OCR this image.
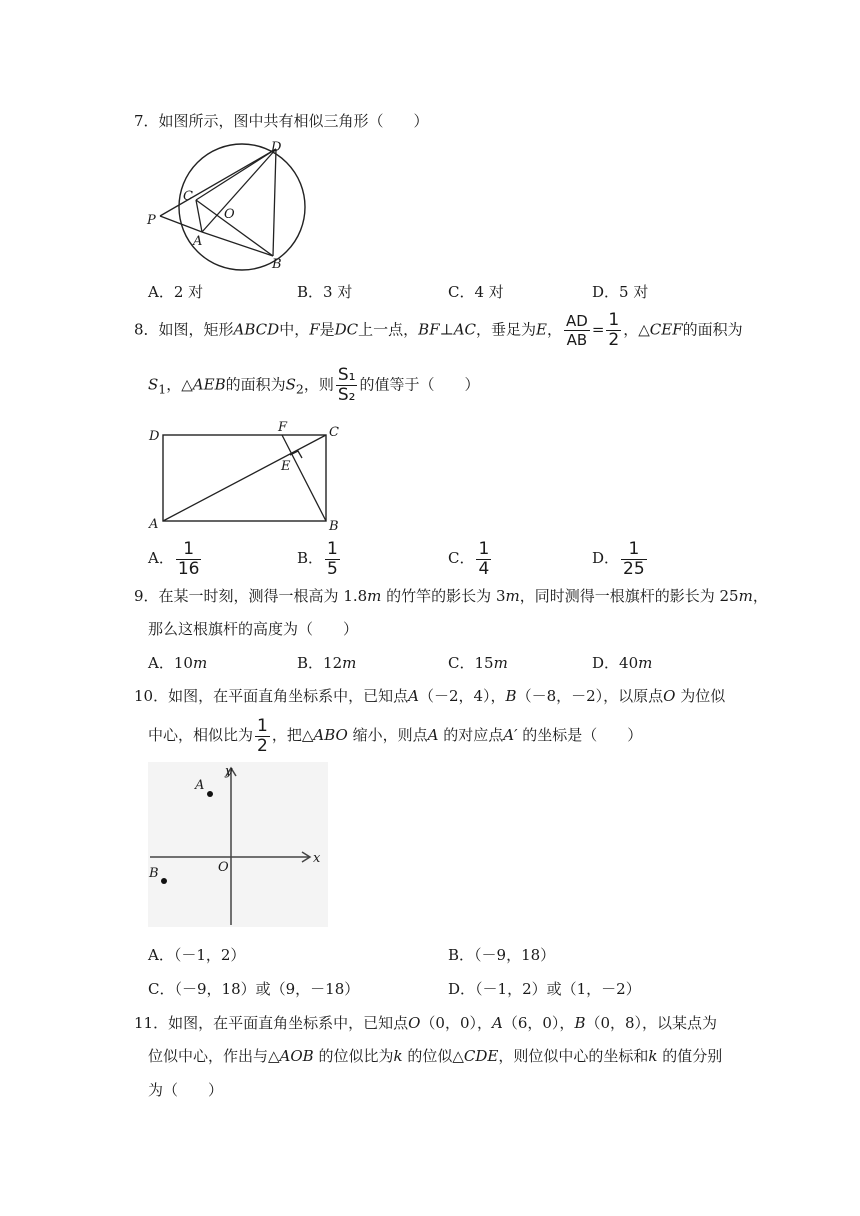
7．如图所示，图中共有相似三角形（　　）
D
C
O
P
A
B
A．2 对	B．3 对	C．4 对	D．5 对
8．如图，矩形ABCD中，F是DC上一点，BF⊥AC，垂足为E， $\frac{AD}{AB} = \frac{1}{2}$ ，△CEF的面积为
$S_1$，△AEB的面积为$S_2$，则 $\frac{\text{S₁}}{\text{S₂}}$ 的值等于（　　）
D
F	C
E
A	B
A． $\frac{1}{16}$	B． $\frac{1}{5}$	C． $\frac{1}{4}$	D． $\frac{1}{25}$
9．在某一时刻，测得一根高为 1.8m 的竹竿的影长为 3m，同时测得一根旗杆的影长为 25m，
那么这根旗杆的高度为（　　）
A．10m	B．12m	C．15m	D．40m
10．如图，在平面直角坐标系中，已知点A（－2，4），B（－8，－2），以原点O 为位似
中心，相似比为 $\frac{1}{2}$ ，把△ABO 缩小，则点A 的对应点A′ 的坐标是（　　）
y
A
O
x
B
A．（－1，2）	B．（－9，18）
C．（－9，18）或（9，－18）	D．（－1，2）或（1，－2）
11．如图，在平面直角坐标系中，已知点O（0，0），A（6，0），B（0，8），以某点为
位似中心，作出与△AOB 的位似比为k 的位似△CDE，则位似中心的坐标和k 的值分别
为（　　）
